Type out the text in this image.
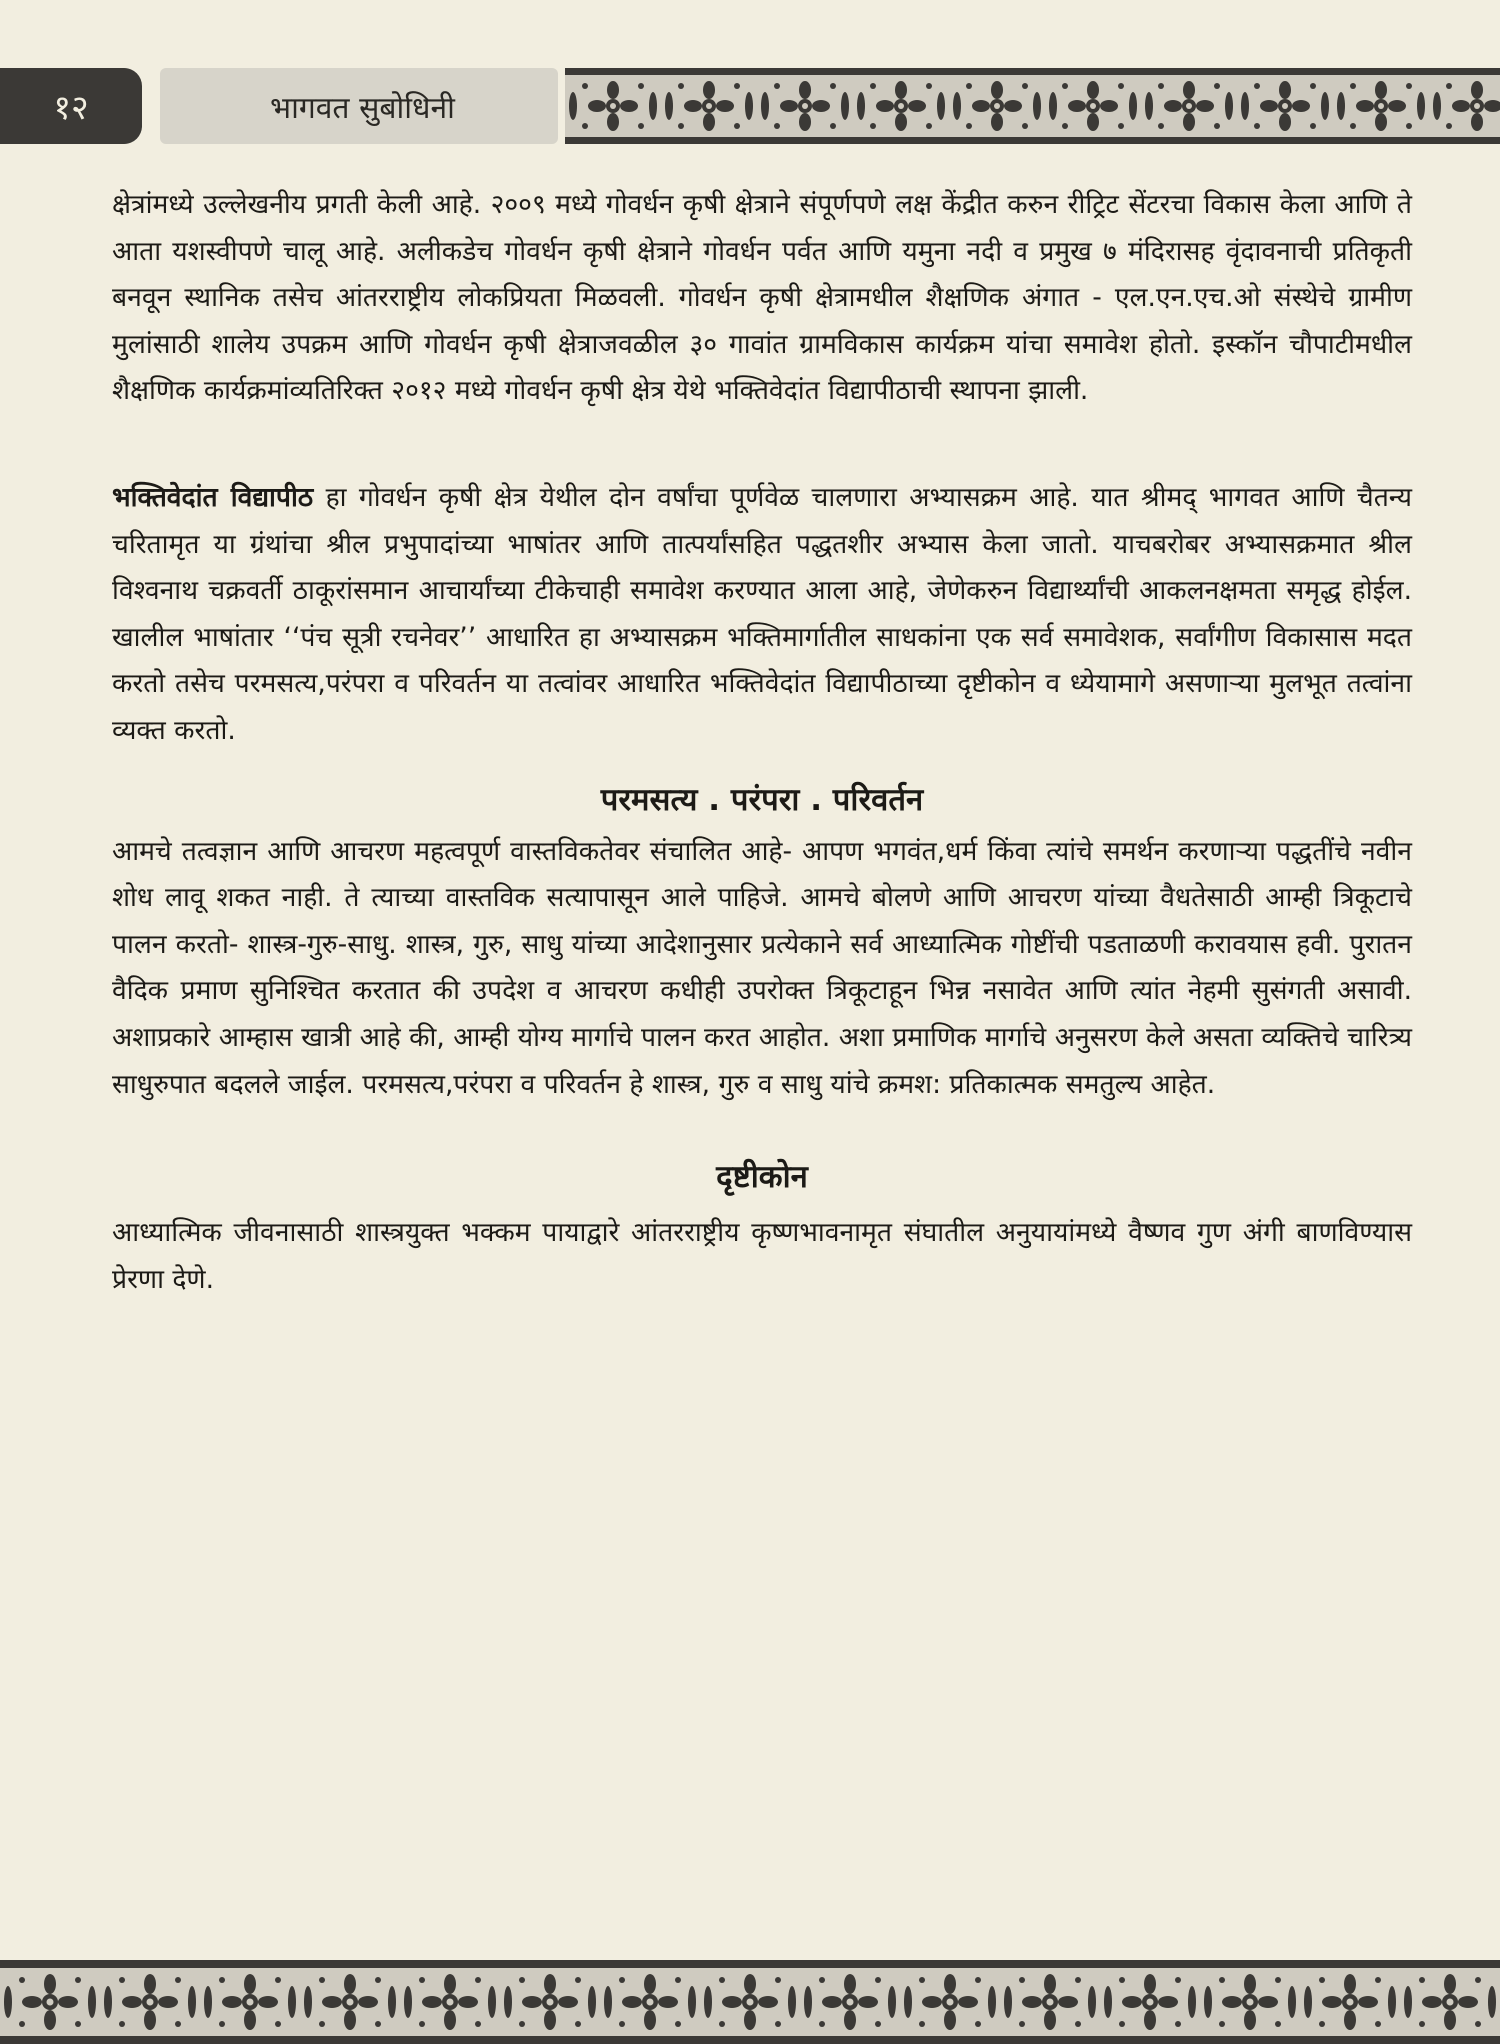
१२	भागवत सुबोधिनी

क्षेत्रांमध्ये उल्लेखनीय प्रगती केली आहे. २००९ मध्ये गोवर्धन कृषी क्षेत्राने संपूर्णपणे लक्ष केंद्रीत करुन रीट्रिट सेंटरचा विकास केला आणि ते आता यशस्वीपणे चालू आहे. अलीकडेच गोवर्धन कृषी क्षेत्राने गोवर्धन पर्वत आणि यमुना नदी व प्रमुख ७ मंदिरासह वृंदावनाची प्रतिकृती बनवून स्थानिक तसेच आंतरराष्ट्रीय लोकप्रियता मिळवली. गोवर्धन कृषी क्षेत्रामधील शैक्षणिक अंगात - एल.एन.एच.ओ संस्थेचे ग्रामीण मुलांसाठी शालेय उपक्रम आणि गोवर्धन कृषी क्षेत्राजवळील ३० गावांत ग्रामविकास कार्यक्रम यांचा समावेश होतो. इस्कॉन चौपाटीमधील शैक्षणिक कार्यक्रमांव्यतिरिक्त २०१२ मध्ये गोवर्धन कृषी क्षेत्र येथे भक्तिवेदांत विद्यापीठाची स्थापना झाली.

भक्तिवेदांत विद्यापीठ हा गोवर्धन कृषी क्षेत्र येथील दोन वर्षांचा पूर्णवेळ चालणारा अभ्यासक्रम आहे. यात श्रीमद् भागवत आणि चैतन्य चरितामृत या ग्रंथांचा श्रील प्रभुपादांच्या भाषांतर आणि तात्पर्यांसहित पद्धतशीर अभ्यास केला जातो. याचबरोबर अभ्यासक्रमात श्रील विश्वनाथ चक्रवर्ती ठाकूरांसमान आचार्यांच्या टीकेचाही समावेश करण्यात आला आहे, जेणेकरुन विद्यार्थ्यांची आकलनक्षमता समृद्ध होईल. खालील भाषांतार ‘‘पंच सूत्री रचनेवर’’ आधारित हा अभ्यासक्रम भक्तिमार्गातील साधकांना एक सर्व समावेशक, सर्वांगीण विकासास मदत करतो तसेच परमसत्य,परंपरा व परिवर्तन या तत्वांवर आधारित भक्तिवेदांत विद्यापीठाच्या दृष्टीकोन व ध्येयामागे असणाऱ्या मुलभूत तत्वांना व्यक्त करतो.

परमसत्य . परंपरा . परिवर्तन

आमचे तत्वज्ञान आणि आचरण महत्वपूर्ण वास्तविकतेवर संचालित आहे- आपण भगवंत,धर्म किंवा त्यांचे समर्थन करणाऱ्या पद्धतींचे नवीन शोध लावू शकत नाही. ते त्याच्या वास्तविक सत्यापासून आले पाहिजे. आमचे बोलणे आणि आचरण यांच्या वैधतेसाठी आम्ही त्रिकूटाचे पालन करतो- शास्त्र-गुरु-साधु. शास्त्र, गुरु, साधु यांच्या आदेशानुसार प्रत्येकाने सर्व आध्यात्मिक गोष्टींची पडताळणी करावयास हवी. पुरातन वैदिक प्रमाण सुनिश्चित करतात की उपदेश व आचरण कधीही उपरोक्त त्रिकूटाहून भिन्न नसावेत आणि त्यांत नेहमी सुसंगती असावी. अशाप्रकारे आम्हास खात्री आहे की, आम्ही योग्य मार्गाचे पालन करत आहोत. अशा प्रमाणिक मार्गाचे अनुसरण केले असता व्यक्तिचे चारित्र्य साधुरुपात बदलले जाईल. परमसत्य,परंपरा व परिवर्तन हे शास्त्र, गुरु व साधु यांचे क्रमश: प्रतिकात्मक समतुल्य आहेत.

दृष्टीकोन

आध्यात्मिक जीवनासाठी शास्त्रयुक्त भक्कम पायाद्वारे आंतरराष्ट्रीय कृष्णभावनामृत संघातील अनुयायांमध्ये वैष्णव गुण अंगी बाणविण्यास प्रेरणा देणे.
